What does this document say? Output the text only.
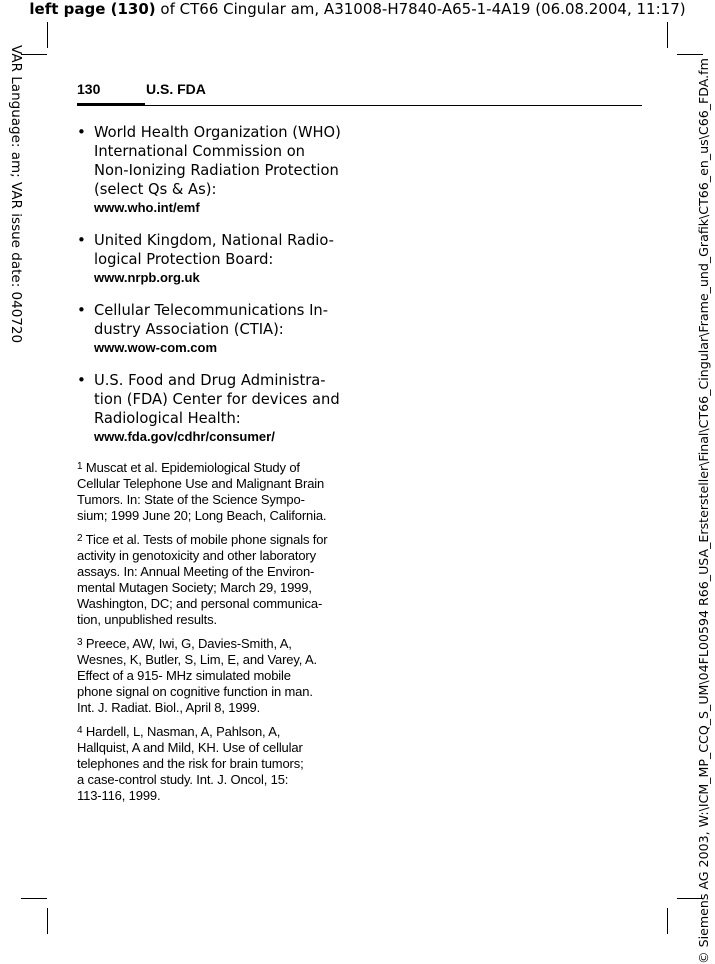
left page (130) of CT66 Cingular am, A31008-H7840-A65-1-4A19 (06.08.2004, 11:17)
VAR Language: am; VAR issue date: 040720	© Siemens AG 2003, W:\ICM_MP_CCQ_S_UM\04FL00594 R66_USA_Erstersteller\Final\CT66_Cingular\Frame_und_Grafik\CT66_en_us\C66_FDA.fm
130	U.S. FDA
• World Health Organization (WHO)
International Commission on
Non-Ionizing Radiation Protection
(select Qs & As):
www.who.int/emf
• United Kingdom, National Radio-
logical Protection Board:
www.nrpb.org.uk
• Cellular Telecommunications In-
dustry Association (CTIA):
www.wow-com.com
• U.S. Food and Drug Administra-
tion (FDA) Center for devices and
Radiological Health:
www.fda.gov/cdhr/consumer/
$^1$ Muscat et al. Epidemiological Study of
Cellular Telephone Use and Malignant Brain
Tumors. In: State of the Science Sympo-
sium; 1999 June 20; Long Beach, California.
$^2$ Tice et al. Tests of mobile phone signals for
activity in genotoxicity and other laboratory
assays. In: Annual Meeting of the Environ-
mental Mutagen Society; March 29, 1999,
Washington, DC; and personal communica-
tion, unpublished results.
$^3$ Preece, AW, Iwi, G, Davies-Smith, A,
Wesnes, K, Butler, S, Lim, E, and Varey, A.
Effect of a 915- MHz simulated mobile
phone signal on cognitive function in man.
Int. J. Radiat. Biol., April 8, 1999.
$^4$ Hardell, L, Nasman, A, Pahlson, A,
Hallquist, A and Mild, KH. Use of cellular
telephones and the risk for brain tumors;
a case-control study. Int. J. Oncol, 15:
113-116, 1999.
